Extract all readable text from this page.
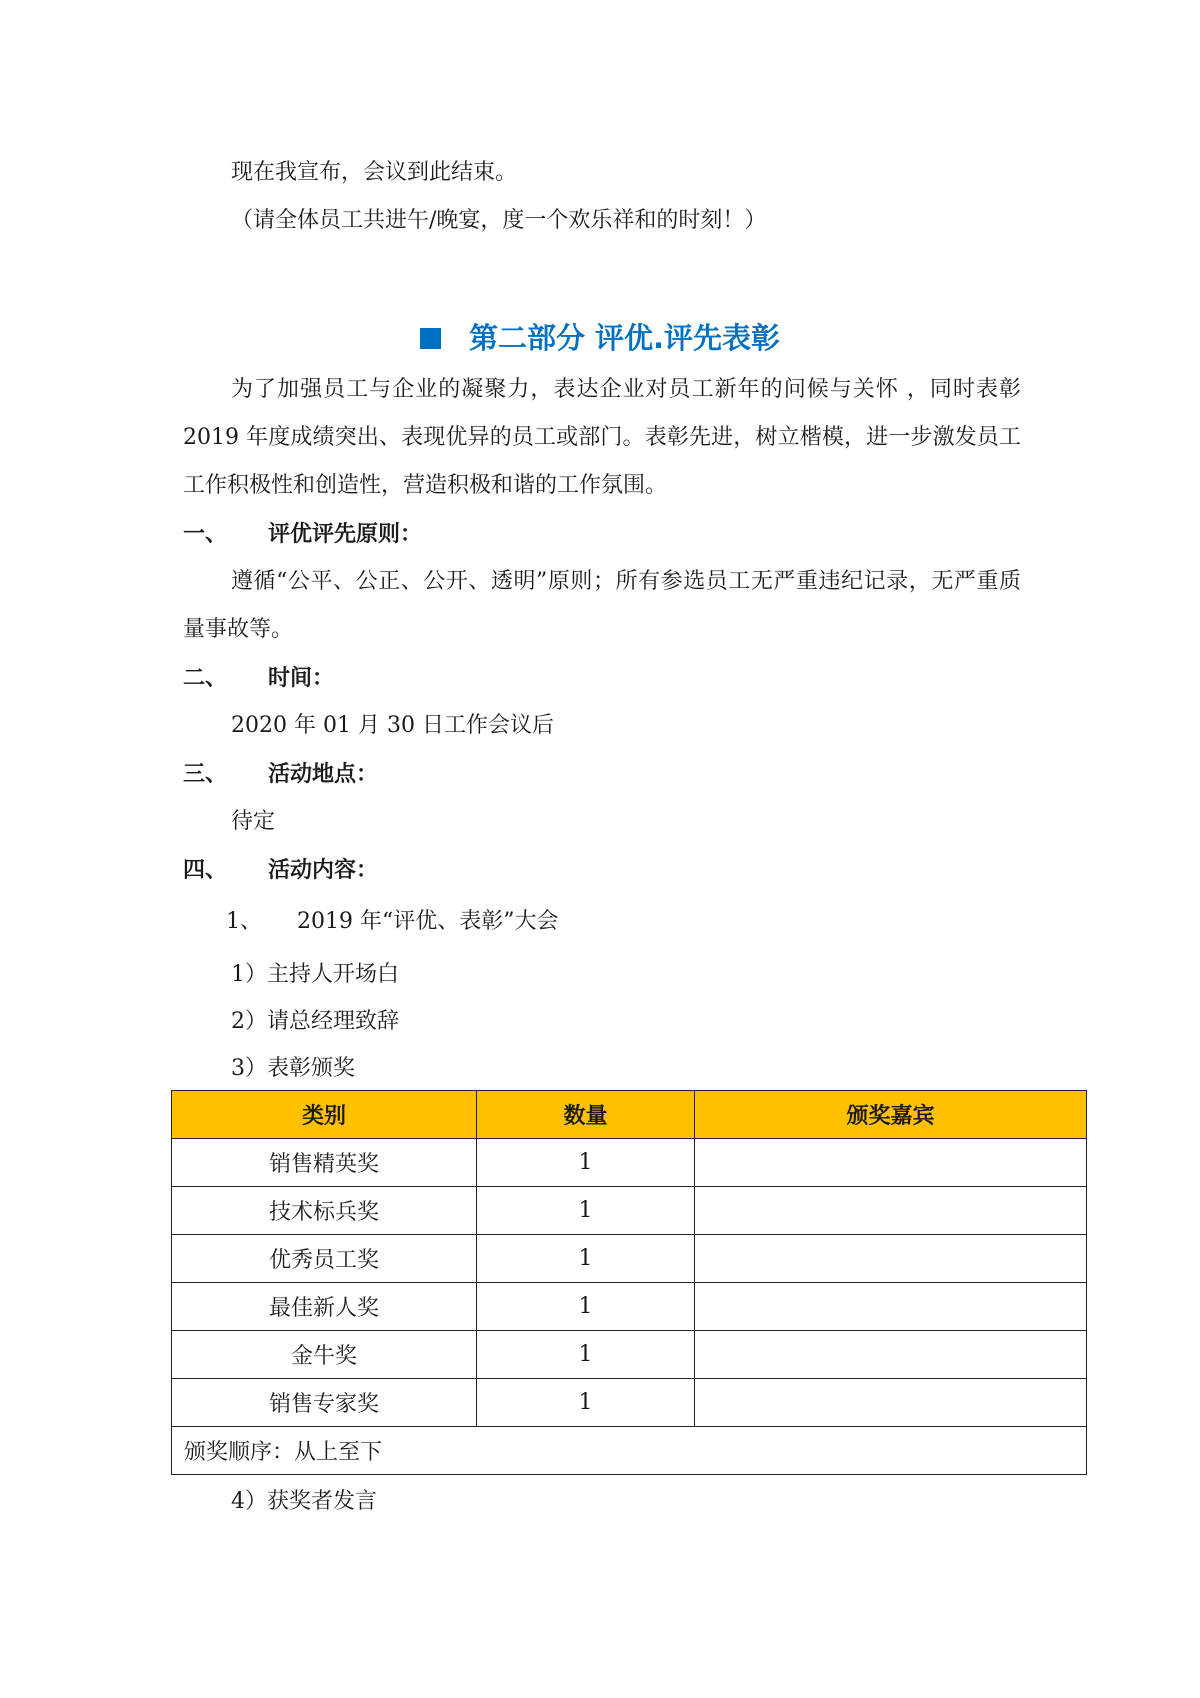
现在我宣布，会议到此结束。
（请全体员工共进午/晚宴，度一个欢乐祥和的时刻！）
第二部分 评优.评先表彰
为了加强员工与企业的凝聚力，表达企业对员工新年的问候与关怀 ，同时表彰 2019 年度成绩突出、表现优异的员工或部门。表彰先进，树立楷模，进一步激发员工工作积极性和创造性，营造积极和谐的工作氛围。
一、 评优评先原则：
遵循“公平、公正、公开、透明”原则；所有参选员工无严重违纪记录，无严重质量事故等。
二、 时间：
2020 年 01 月 30 日工作会议后
三、 活动地点：
待定
四、 活动内容：
1、 2019 年“评优、表彰”大会
1）主持人开场白
2）请总经理致辞
3）表彰颁奖
类别	数量	颁奖嘉宾
销售精英奖	1	
技术标兵奖	1	
优秀员工奖	1	
最佳新人奖	1	
金牛奖	1	
销售专家奖	1	
颁奖顺序：从上至下		
4）获奖者发言
